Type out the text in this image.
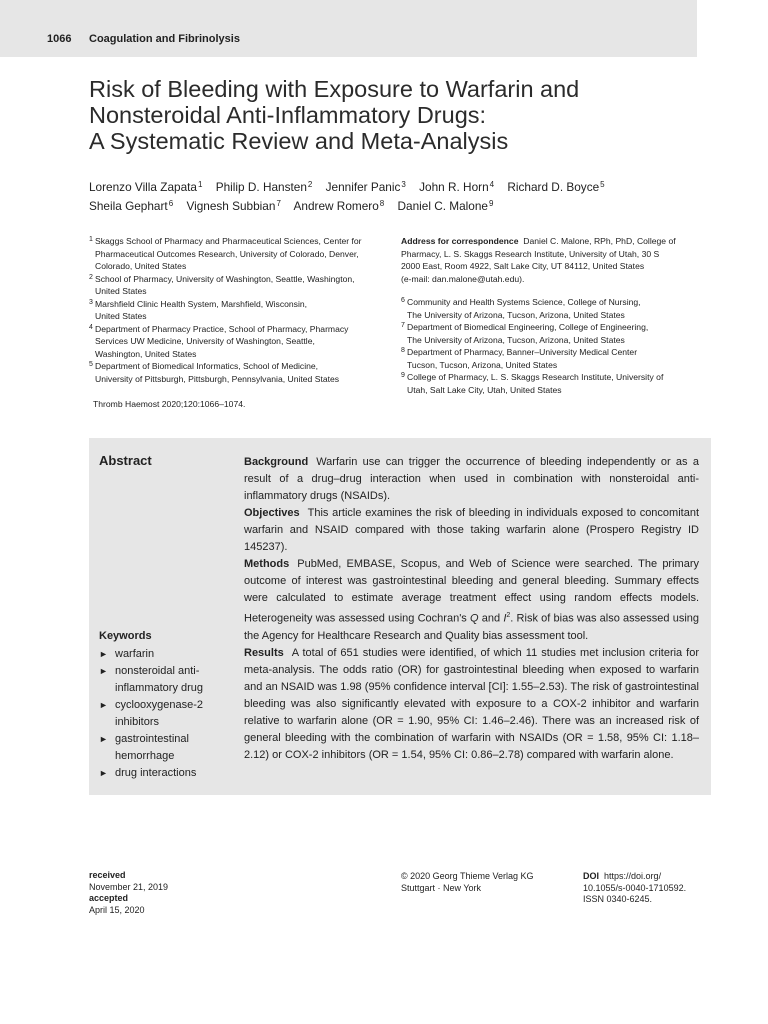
1066 Coagulation and Fibrinolysis
Risk of Bleeding with Exposure to Warfarin and
Nonsteroidal Anti-Inflammatory Drugs:
A Systematic Review and Meta-Analysis
Lorenzo Villa Zapata$^1$ Philip D. Hansten$^2$ Jennifer Panic$^3$ John R. Horn$^4$ Richard D. Boyce$^5$
Sheila Gephart$^6$ Vignesh Subbian$^7$ Andrew Romero$^8$ Daniel C. Malone$^9$
1 Skaggs School of Pharmacy and Pharmaceutical Sciences, Center for
Pharmaceutical Outcomes Research, University of Colorado, Denver,
Colorado, United States
2 School of Pharmacy, University of Washington, Seattle, Washington,
United States
3 Marshfield Clinic Health System, Marshfield, Wisconsin,
United States
4 Department of Pharmacy Practice, School of Pharmacy, Pharmacy
Services UW Medicine, University of Washington, Seattle,
Washington, United States
5 Department of Biomedical Informatics, School of Medicine,
University of Pittsburgh, Pittsburgh, Pennsylvania, United States
Address for correspondence Daniel C. Malone, RPh, PhD, College of
Pharmacy, L. S. Skaggs Research Institute, University of Utah, 30 S
2000 East, Room 4922, Salt Lake City, UT 84112, United States
(e-mail: dan.malone@utah.edu).
6 Community and Health Systems Science, College of Nursing,
The University of Arizona, Tucson, Arizona, United States
7 Department of Biomedical Engineering, College of Engineering,
The University of Arizona, Tucson, Arizona, United States
8 Department of Pharmacy, Banner–University Medical Center
Tucson, Tucson, Arizona, United States
9 College of Pharmacy, L. S. Skaggs Research Institute, University of
Utah, Salt Lake City, Utah, United States
Thromb Haemost 2020;120:1066–1074.
Abstract
Keywords
► warfarin
► nonsteroidal anti-inflammatory drug
► cyclooxygenase-2 inhibitors
► gastrointestinal hemorrhage
► drug interactions

Background Warfarin use can trigger the occurrence of bleeding independently or as a result of a drug–drug interaction when used in combination with nonsteroidal anti-inflammatory drugs (NSAIDs).

Objectives This article examines the risk of bleeding in individuals exposed to concomitant warfarin and NSAID compared with those taking warfarin alone (Prospero Registry ID 145237).

Methods PubMed, EMBASE, Scopus, and Web of Science were searched. The primary outcome of interest was gastrointestinal bleeding and general bleeding. Summary effects were calculated to estimate average treatment effect using random effects models. Heterogeneity was assessed using Cochran's Q and $I^2$. Risk of bias was also assessed using the Agency for Healthcare Research and Quality bias assessment tool.

Results A total of 651 studies were identified, of which 11 studies met inclusion criteria for meta-analysis. The odds ratio (OR) for gastrointestinal bleeding when exposed to warfarin and an NSAID was 1.98 (95% confidence interval [CI]: 1.55–2.53). The risk of gastrointestinal bleeding was also significantly elevated with exposure to a COX-2 inhibitor and warfarin relative to warfarin alone (OR = 1.90, 95% CI: 1.46–2.46). There was an increased risk of general bleeding with the combination of warfarin with NSAIDs (OR = 1.58, 95% CI: 1.18–2.12) or COX-2 inhibitors (OR = 1.54, 95% CI: 0.86–2.78) compared with warfarin alone.

received
November 21, 2019
accepted
April 15, 2020
© 2020 Georg Thieme Verlag KG
Stuttgart · New York
DOI https://doi.org/
10.1055/s-0040-1710592.
ISSN 0340-6245.
